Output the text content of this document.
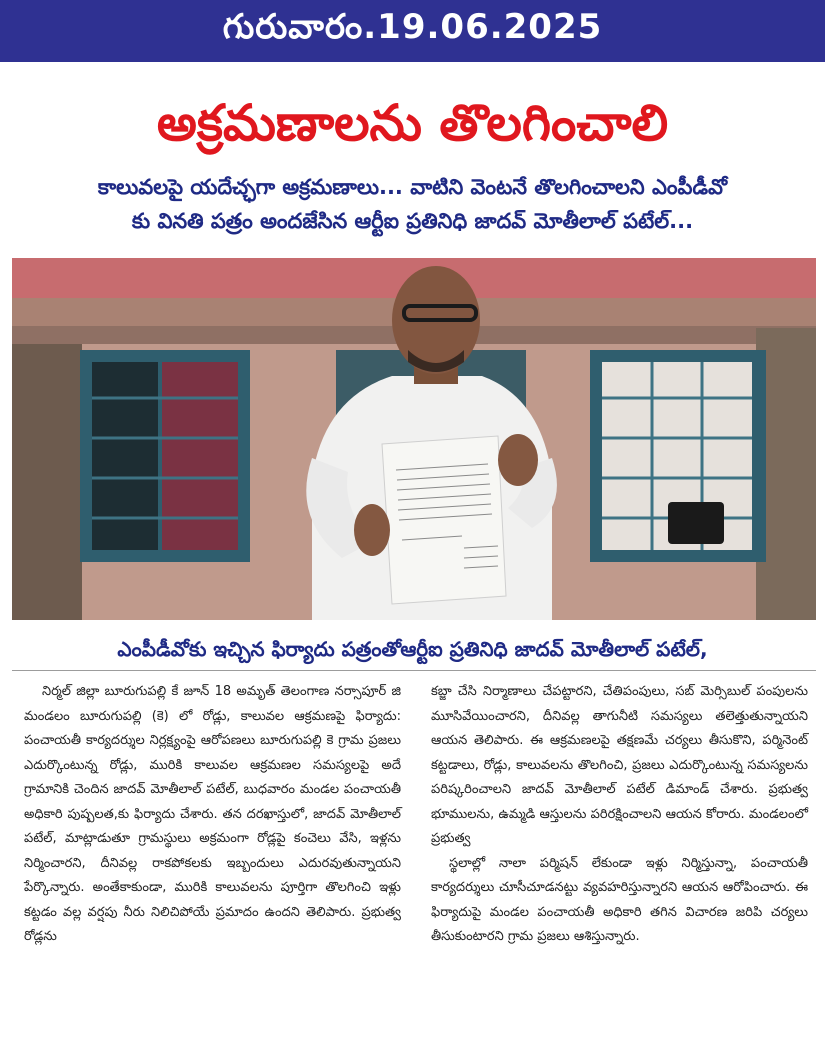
గురువారం.19.06.2025
అక్రమణాలను తొలగించాలి
కాలువలపై యదేచ్ఛగా అక్రమణాలు... వాటిని వెంటనే తొలగించాలని ఎంపీడీవో
కు వినతి పత్రం అందజేసిన ఆర్టీఐ ప్రతినిధి జాదవ్ మోతీలాల్ పటేల్...
ఎంపీడీవోకు ఇచ్చిన ఫిర్యాదు పత్రంతోఆర్టీఐ ప్రతినిధి జాదవ్ మోతీలాల్ పటేల్,

నిర్మల్ జిల్లా బూరుగుపల్లి కే జూన్ 18 అమృత్ తెలంగాణ నర్సాపూర్ జి మండలం బూరుగుపల్లి (కె) లో రోడ్లు, కాలువల ఆక్రమణపై ఫిర్యాదు: పంచాయతీ కార్యదర్శుల నిర్లక్ష్యంపై ఆరోపణలు బూరుగుపల్లి కె గ్రామ ప్రజలు ఎదుర్కొంటున్న రోడ్లు, మురికి కాలువల ఆక్రమణల సమస్యలపై అదే గ్రామానికి చెందిన జాదవ్ మోతీలాల్ పటేల్, బుధవారం మండల పంచాయతీ అధికారి పుష్పలత,కు ఫిర్యాదు చేశారు. తన దరఖాస్తులో, జాదవ్ మోతీలాల్ పటేల్, మాట్లాడుతూ గ్రామస్థులు అక్రమంగా రోడ్లపై కంచెలు వేసి, ఇళ్లను నిర్మించారని, దీనివల్ల రాకపోకలకు ఇబ్బందులు ఎదురవుతున్నాయని పేర్కొన్నారు. అంతేకాకుండా, మురికి కాలువలను పూర్తిగా తొలగించి ఇళ్లు కట్టడం వల్ల వర్షపు నీరు నిలిచిపోయే ప్రమాదం ఉందని తెలిపారు. ప్రభుత్వ రోడ్లను

కబ్జా చేసి నిర్మాణాలు చేపట్టారని, చేతిపంపులు, సబ్ మెర్సిబుల్ పంపులను మూసివేయించారని, దీనివల్ల తాగునీటి సమస్యలు తలెత్తుతున్నాయని ఆయన తెలిపారు. ఈ ఆక్రమణలపై తక్షణమే చర్యలు తీసుకొని, పర్మినెంట్ కట్టడాలు, రోడ్లు, కాలువలను తొలగించి, ప్రజలు ఎదుర్కొంటున్న సమస్యలను పరిష్కరించాలని జాదవ్ మోతీలాల్ పటేల్ డిమాండ్ చేశారు. ప్రభుత్వ భూములను, ఉమ్మడి ఆస్తులను పరిరక్షించాలని ఆయన కోరారు. మండలంలో ప్రభుత్వ

స్థలాల్లో నాలా పర్మిషన్ లేకుండా ఇళ్లు నిర్మిస్తున్నా, పంచాయతీ కార్యదర్శులు చూసీచూడనట్టు వ్యవహరిస్తున్నారని ఆయన ఆరోపించారు. ఈ ఫిర్యాదుపై మండల పంచాయతీ అధికారి తగిన విచారణ జరిపి చర్యలు తీసుకుంటారని గ్రామ ప్రజలు ఆశిస్తున్నారు.
